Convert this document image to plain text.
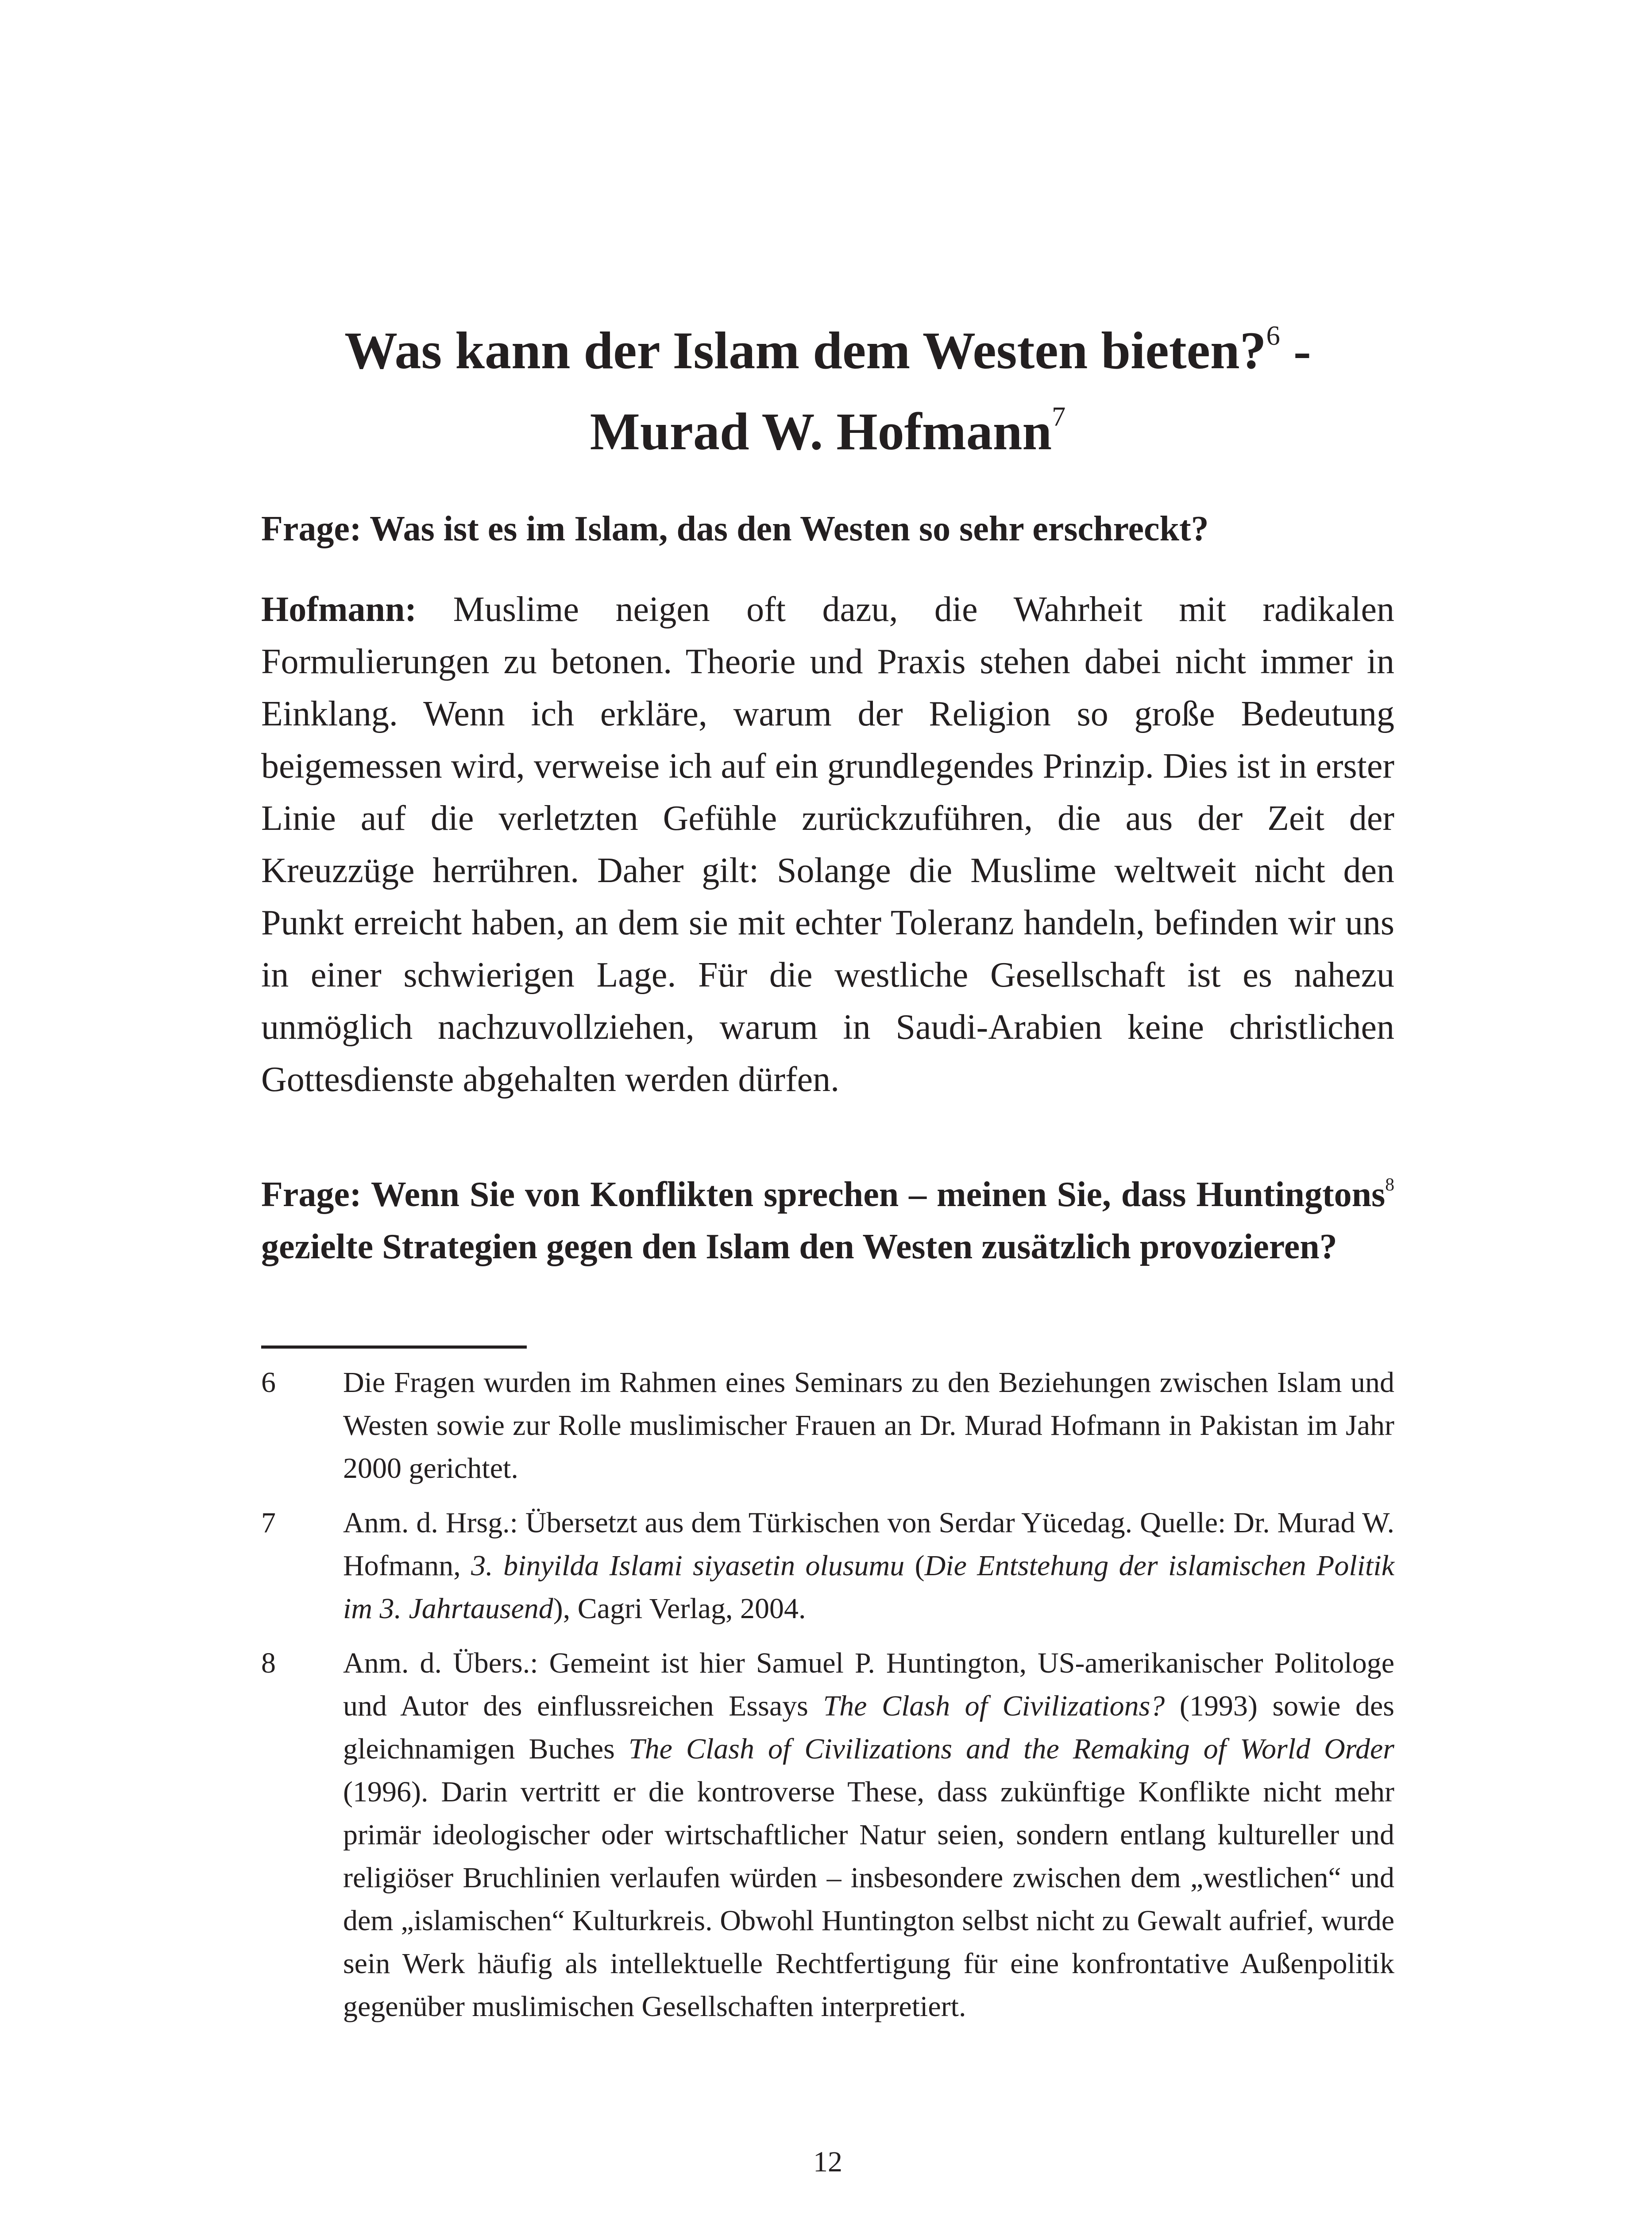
Was kann der Islam dem Westen bieten?$^6$ -
Murad W. Hofmann$^7$

Frage: Was ist es im Islam, das den Westen so sehr erschreckt?

Hofmann: Muslime neigen oft dazu, die Wahrheit mit radikalen Formulierungen zu betonen. Theorie und Praxis stehen dabei nicht immer in Einklang. Wenn ich erkläre, warum der Religion so große Bedeutung beigemessen wird, verweise ich auf ein grundlegendes Prinzip. Dies ist in erster Linie auf die verletzten Gefühle zurückzuführen, die aus der Zeit der Kreuzzüge herrühren. Daher gilt: Solange die Muslime weltweit nicht den Punkt erreicht haben, an dem sie mit echter Toleranz handeln, befinden wir uns in einer schwierigen Lage. Für die westliche Gesellschaft ist es nahezu unmöglich nachzuvollziehen, warum in Saudi-Arabien keine christlichen Gottesdienste abgehalten werden dürfen.

Frage: Wenn Sie von Konflikten sprechen – meinen Sie, dass Huntingtons$^8$ gezielte Strategien gegen den Islam den Westen zusätzlich provozieren?

6	Die Fragen wurden im Rahmen eines Seminars zu den Beziehungen zwischen Islam und Westen sowie zur Rolle muslimischer Frauen an Dr. Murad Hofmann in Pakistan im Jahr 2000 gerichtet.
7	Anm. d. Hrsg.: Übersetzt aus dem Türkischen von Serdar Yücedag. Quelle: Dr. Murad W. Hofmann, 3. binyilda Islami siyasetin olusumu (Die Entstehung der islamischen Politik im 3. Jahrtausend), Cagri Verlag, 2004.
8	Anm. d. Übers.: Gemeint ist hier Samuel P. Huntington, US-amerikanischer Politologe und Autor des einflussreichen Essays The Clash of Civilizations? (1993) sowie des gleichnamigen Buches The Clash of Civilizations and the Remaking of World Order (1996). Darin vertritt er die kontroverse These, dass zukünftige Konflikte nicht mehr primär ideologischer oder wirtschaftlicher Natur seien, sondern entlang kultureller und religiöser Bruchlinien verlaufen würden – insbesondere zwischen dem „westlichen“ und dem „islamischen“ Kulturkreis. Obwohl Huntington selbst nicht zu Gewalt aufrief, wurde sein Werk häufig als intellektuelle Rechtfertigung für eine konfrontative Außenpolitik gegenüber muslimischen Gesellschaften interpretiert.
12
